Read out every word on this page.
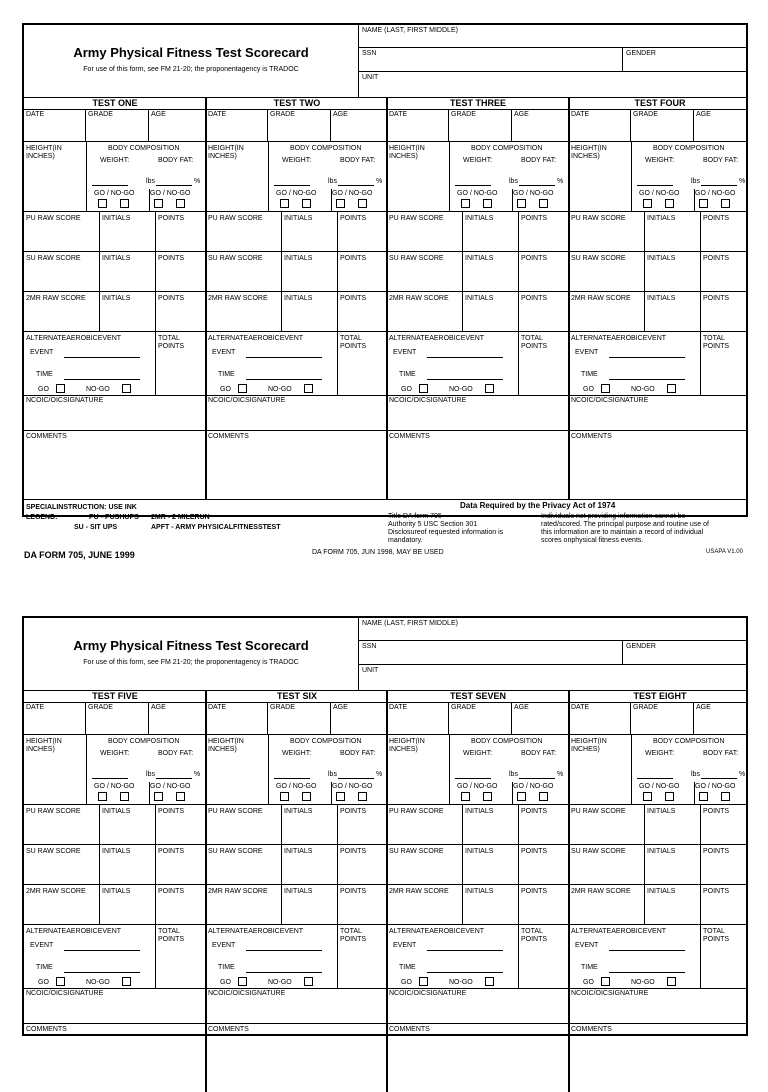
Army Physical Fitness Test Scorecard
For use of this form, see FM 21-20; the proponentagency is TRADOC
NAME (LAST, FIRST MIDDLE)
SSN	GENDER
UNIT
SPECIALINSTRUCTION: USE INK
LEGEND:	PU - PUSHUPS
SU - SIT UPS
2MR - 2 MILERUN
APFT - ARMY PHYSICALFITNESSTEST
Data Required by the Privacy Act of 1974
Title DA form 705
Authority 5 USC Section 301
Disclosureof requested information is
mandatory.
Individuals not providing information cannot be
rated/scored. The principal purpose and routine use of
this information are to maintain a record of individual
scores onphysical fitness events.
TEST ONE
DATE	GRADE	AGE
HEIGHT(IN INCHES)
BODY COMPOSITION
WEIGHT:	BODY FAT:
lbs	%
GO / NO-GO GO / NO-GO
PU RAW SCORE	INITIALS	POINTS
SU RAW SCORE	INITIALS	POINTS
2MR RAW SCORE INITIALS	POINTS
ALTERNATEAEROBICEVENT
EVENT
TIME
GO	NO-GO
TOTAL POINTS
NCOIC/OICSIGNATURE
COMMENTS
TEST TWO
DATE	GRADE	AGE
HEIGHT(IN INCHES)
BODY COMPOSITION
WEIGHT:	BODY FAT:
lbs	%
GO / NO-GO GO / NO-GO
PU RAW SCORE	INITIALS	POINTS
SU RAW SCORE	INITIALS	POINTS
2MR RAW SCORE INITIALS	POINTS
ALTERNATEAEROBICEVENT
EVENT
TIME
GO	NO-GO
TOTAL POINTS
NCOIC/OICSIGNATURE
COMMENTS
TEST THREE
DATE	GRADE	AGE
HEIGHT(IN INCHES)
BODY COMPOSITION
WEIGHT:	BODY FAT:
lbs	%
GO / NO-GO GO / NO-GO
PU RAW SCORE	INITIALS	POINTS
SU RAW SCORE	INITIALS	POINTS
2MR RAW SCORE INITIALS	POINTS
ALTERNATEAEROBICEVENT
EVENT
TIME
GO	NO-GO
TOTAL POINTS
NCOIC/OICSIGNATURE
COMMENTS
TEST FOUR
DATE	GRADE	AGE
HEIGHT(IN INCHES)
BODY COMPOSITION
WEIGHT:	BODY FAT:
lbs	%
GO / NO-GO GO / NO-GO
PU RAW SCORE	INITIALS	POINTS
SU RAW SCORE	INITIALS	POINTS
2MR RAW SCORE INITIALS	POINTS
ALTERNATEAEROBICEVENT
EVENT
TIME
GO	NO-GO
TOTAL POINTS
NCOIC/OICSIGNATURE
COMMENTS
DA FORM 705, JUNE 1999	DA FORM 705, JUN 1998, MAY BE USED	USAPA V1.00
Army Physical Fitness Test Scorecard
For use of this form, see FM 21-20; the proponentagency is TRADOC
NAME (LAST, FIRST MIDDLE)
SSN	GENDER
UNIT
TEST FIVE
DATE	GRADE	AGE
HEIGHT(IN INCHES)
BODY COMPOSITION
WEIGHT:	BODY FAT:
lbs	%
GO / NO-GO GO / NO-GO
PU RAW SCORE	INITIALS	POINTS
SU RAW SCORE	INITIALS	POINTS
2MR RAW SCORE INITIALS	POINTS
ALTERNATEAEROBICEVENT
EVENT
TIME
GO	NO-GO
TOTAL POINTS
NCOIC/OICSIGNATURE
COMMENTS
TEST SIX
DATE	GRADE	AGE
HEIGHT(IN INCHES)
BODY COMPOSITION
WEIGHT:	BODY FAT:
lbs	%
GO / NO-GO GO / NO-GO
PU RAW SCORE	INITIALS	POINTS
SU RAW SCORE	INITIALS	POINTS
2MR RAW SCORE INITIALS	POINTS
ALTERNATEAEROBICEVENT
EVENT
TIME
GO	NO-GO
TOTAL POINTS
NCOIC/OICSIGNATURE
COMMENTS
TEST SEVEN
DATE	GRADE	AGE
HEIGHT(IN INCHES)
BODY COMPOSITION
WEIGHT:	BODY FAT:
lbs	%
GO / NO-GO GO / NO-GO
PU RAW SCORE	INITIALS	POINTS
SU RAW SCORE	INITIALS	POINTS
2MR RAW SCORE INITIALS	POINTS
ALTERNATEAEROBICEVENT
EVENT
TIME
GO	NO-GO
TOTAL POINTS
NCOIC/OICSIGNATURE
COMMENTS
TEST EIGHT
DATE	GRADE	AGE
HEIGHT(IN INCHES)
BODY COMPOSITION
WEIGHT:	BODY FAT:
lbs	%
GO / NO-GO GO / NO-GO
PU RAW SCORE	INITIALS	POINTS
SU RAW SCORE	INITIALS	POINTS
2MR RAW SCORE INITIALS	POINTS
ALTERNATEAEROBICEVENT
EVENT
TIME
GO	NO-GO
TOTAL POINTS
NCOIC/OICSIGNATURE
COMMENTS
